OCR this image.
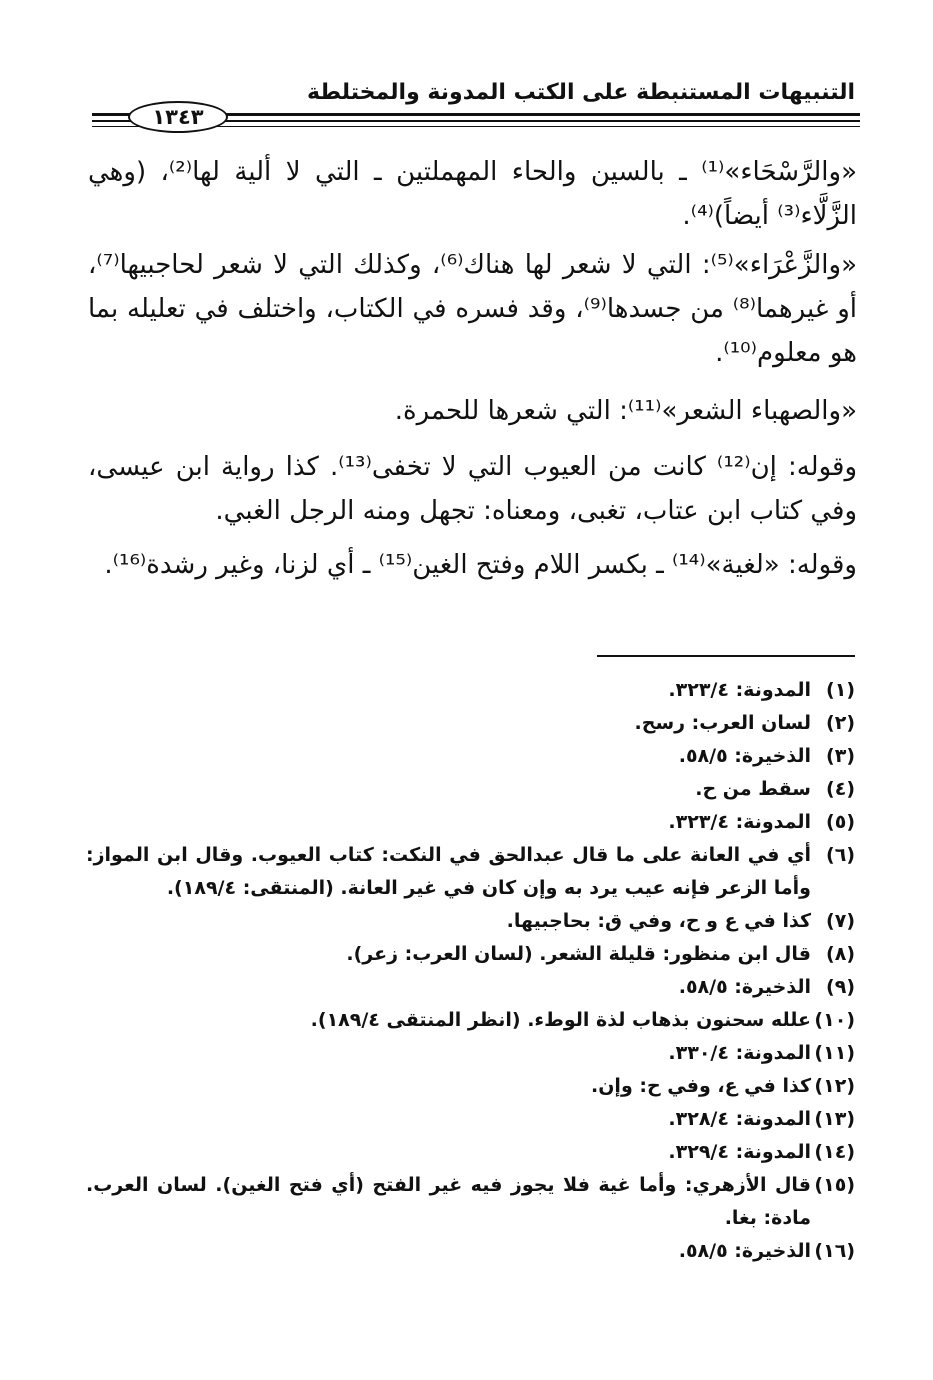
التنبيهات المستنبطة على الكتب المدونة والمختلطة
١٣٤٣
«والرَّسْحَاء»⁽¹⁾ ـ بالسين والحاء المهملتين ـ التي لا ألية لها⁽²⁾، (وهي الزَّلَّاء⁽³⁾ أيضاً)⁽⁴⁾.
«والزَّعْرَاء»⁽⁵⁾: التي لا شعر لها هناك⁽⁶⁾، وكذلك التي لا شعر لحاجبيها⁽⁷⁾، أو غيرهما⁽⁸⁾ من جسدها⁽⁹⁾، وقد فسره في الكتاب، واختلف في تعليله بما هو معلوم⁽¹⁰⁾.
«والصهباء الشعر»⁽¹¹⁾: التي شعرها للحمرة.
وقوله: إن⁽¹²⁾ كانت من العيوب التي لا تخفى⁽¹³⁾. كذا رواية ابن عيسى، وفي كتاب ابن عتاب، تغبى، ومعناه: تجهل ومنه الرجل الغبي.
وقوله: «لغية»⁽¹⁴⁾ ـ بكسر اللام وفتح الغين⁽¹⁵⁾ ـ أي لزنا، وغير رشدة⁽¹⁶⁾.
(١)
المدونة: ٣٢٣/٤.
(٢)
لسان العرب: رسح.
(٣)
الذخيرة: ٥٨/٥.
(٤)
سقط من ح.
(٥)
المدونة: ٣٢٣/٤.
(٦)
أي في العانة على ما قال عبدالحق في النكت: كتاب العيوب. وقال ابن المواز: وأما الزعر فإنه عيب يرد به وإن كان في غير العانة. (المنتقى: ١٨٩/٤).
(٧)
كذا في ع و ح، وفي ق: بحاجبيها.
(٨)
قال ابن منظور: قليلة الشعر. (لسان العرب: زعر).
(٩)
الذخيرة: ٥٨/٥.
(١٠)
علله سحنون بذهاب لذة الوطء. (انظر المنتقى ١٨٩/٤).
(١١)
المدونة: ٣٣٠/٤.
(١٢)
كذا في ع، وفي ح: وإن.
(١٣)
المدونة: ٣٢٨/٤.
(١٤)
المدونة: ٣٢٩/٤.
(١٥)
قال الأزهري: وأما غية فلا يجوز فيه غير الفتح (أي فتح الغين). لسان العرب. مادة: بغا.
(١٦)
الذخيرة: ٥٨/٥.
